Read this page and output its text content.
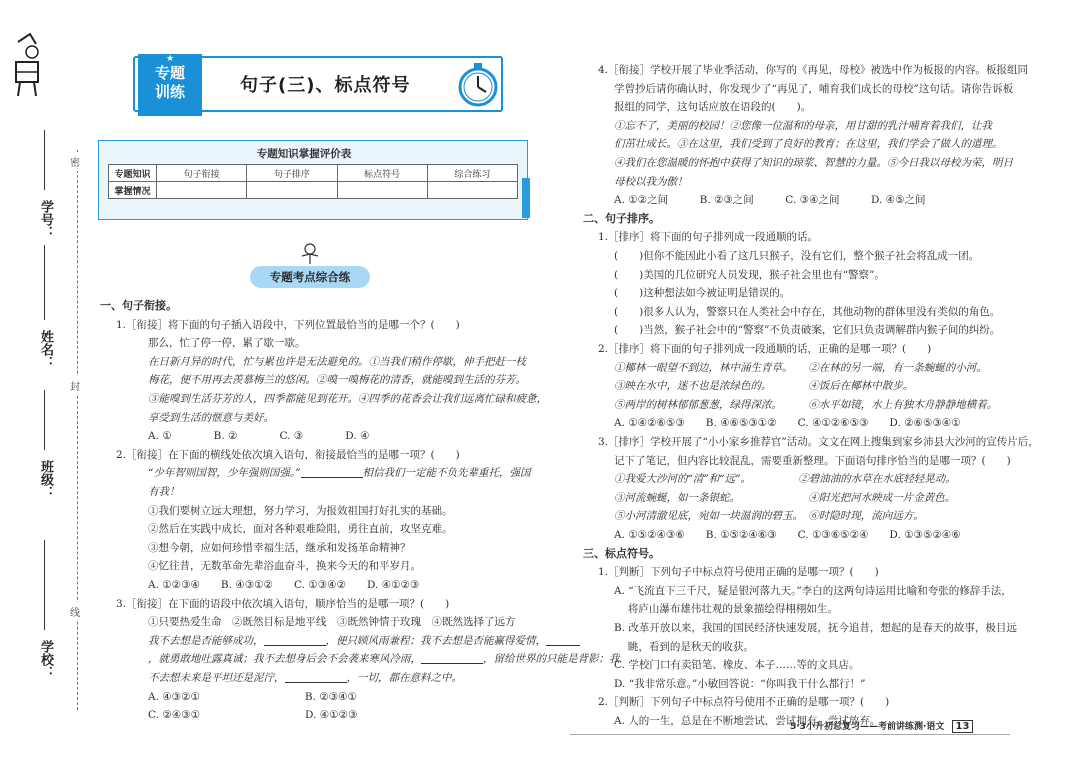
学号：
姓名：
班级：
学校：
密
封
线
★
专题
训练	句子(三)、标点符号
专题知识掌握评价表
专题知识	句子衔接	句子排序	标点符号	综合练习
掌握情况				
专题考点综合练
5·3小升初总复习——考前讲练测·语文 13
一、句子衔接。
1.［衔接］将下面的句子插入语段中，下列位置最恰当的是哪一个？(　　)
那么，忙了停一停，累了歇一歇。
在日新月异的时代，忙与累也许是无法避免的。①当我们稍作停歇，伸手把赶一枝
梅花，便不用再去羡慕梅兰的悠闲。②嗅一嗅梅花的清香，就能嗅到生活的芬芳。
③能嗅到生活芬芳的人，四季都能见到花开。④四季的花香会让我们远离忙碌和疲惫，
享受到生活的惬意与美好。
A. ①　　　　B. ②　　　　C. ③　　　　D. ④
2.［衔接］在下面的横线处依次填入语句，衔接最恰当的是哪一项？(　　)
“少年智则国智，少年强则国强。”	相信我们一定能不负先辈重托，强国
有我！
①我们要树立远大理想，努力学习，为报效祖国打好扎实的基础。
②然后在实践中成长，面对各种艰难险阻，勇往直前，攻坚克难。
③想今朝，应如何珍惜幸福生活，继承和发扬革命精神？
④忆往昔，无数革命先辈浴血奋斗，换来今天的和平岁月。
A. ①②③④　　B. ④③①②　　C. ①③④②　　D. ④①②③
3.［衔接］在下面的语段中依次填入语句，顺序恰当的是哪一项？(　　)
①只要热爱生命　②既然目标是地平线　③既然钟情于玫瑰　④既然选择了远方
我不去想是否能够成功，	，便只顾风雨兼程；我不去想是否能赢得爱情，
，就勇敢地吐露真诚；我不去想身后会不会袭来寒风冷雨，	，留给世界的只能是背影；我
不去想未来是平坦还是泥泞，	，一切，都在意料之中。
A. ④③②①　　　　　　　　　　B. ②③④①
C. ②④③①　　　　　　　　　　D. ④①②③
4.［衔接］学校开展了毕业季活动，你写的《再见，母校》被选中作为板报的内容。板报组同
学曾抄后请你确认时，你发现少了“再见了，哺育我们成长的母校”这句话。请你告诉板
报组的同学，这句话应放在语段的(　　)。
①忘不了，美丽的校园！②您像一位温和的母亲，用甘甜的乳汁哺育着我们，让我
们茁壮成长。③在这里，我们受到了良好的教育；在这里，我们学会了做人的道理。
④我们在您温暖的怀抱中获得了知识的琼浆、智慧的力量。⑤今日我以母校为荣，明日
母校以我为傲！
A. ①②之间　　　B. ②③之间　　　C. ③④之间　　　D. ④⑤之间
二、句子排序。
1.［排序］将下面的句子排列成一段通顺的话。
(　　)但你不能因此小看了这几只猴子，没有它们，整个猴子社会将乱成一团。
(　　)美国的几位研究人员发现，猴子社会里也有“警察”。
(　　)这种想法如今被证明是错误的。
(　　)很多人认为，警察只在人类社会中存在，其他动物的群体里没有类似的角色。
(　　)当然，猴子社会中的“警察”不负责破案，它们只负责调解群内猴子间的纠纷。
2.［排序］将下面的句子排列成一段通顺的话，正确的是哪一项？(　　)
①椰林一眼望不到边，林中涌生青草。　　②在林的另一端，有一条蜿蜒的小河。
③映在水中，迷不也是浓绿色的。　　　　④饭后在椰林中散步。
⑤两岸的树林郁郁葱葱，绿得深浓。　　　⑥水平如镜，水上有独木舟静静地横着。
A. ①④②⑥⑤③　　B. ④⑥⑤③①②　　C. ④①②⑥⑤③　　D. ②⑥⑤③④①
3.［排序］学校开展了“小小家乡推荐官”活动。文文在网上搜集到家乡沛县大沙河的宣传片后，
记下了笔记，但内容比较混乱，需要重新整理。下面语句排序恰当的是哪一项？(　　)
①我爱大沙河的“清”和“远”。　　　　　②碧油油的水草在水底轻轻晃动。
③河流蜿蜒，如一条银蛇。　　　　　　　④阳光把河水映成一片金黄色。
⑤小河清澈见底，宛如一块温润的碧玉。　⑥时隐时现，流向远方。
A. ①⑤②④③⑥　　B. ①⑤②④⑥③　　C. ①③⑥⑤②④　　D. ①③⑤②④⑥
三、标点符号。
1.［判断］下列句子中标点符号使用正确的是哪一项？(　　)
A. “飞流直下三千尺，疑是银河落九天。”李白的这两句诗运用比喻和夸张的修辞手法，
　 将庐山瀑布雄伟壮观的景象描绘得栩栩如生。
B. 改革开放以来，我国的国民经济快速发展，抚今追昔，想起的是春天的故事，极目远
　 眺，看到的是秋天的收获。
C. 学校门口有卖铅笔、橡皮、本子……等的文具店。
D. “我非常乐意。”小敏回答说：“你叫我干什么都行！”
2.［判断］下列句子中标点符号使用不正确的是哪一项？(　　)
A. 人的一生，总是在不断地尝试，尝试拥有，尝试放弃。
